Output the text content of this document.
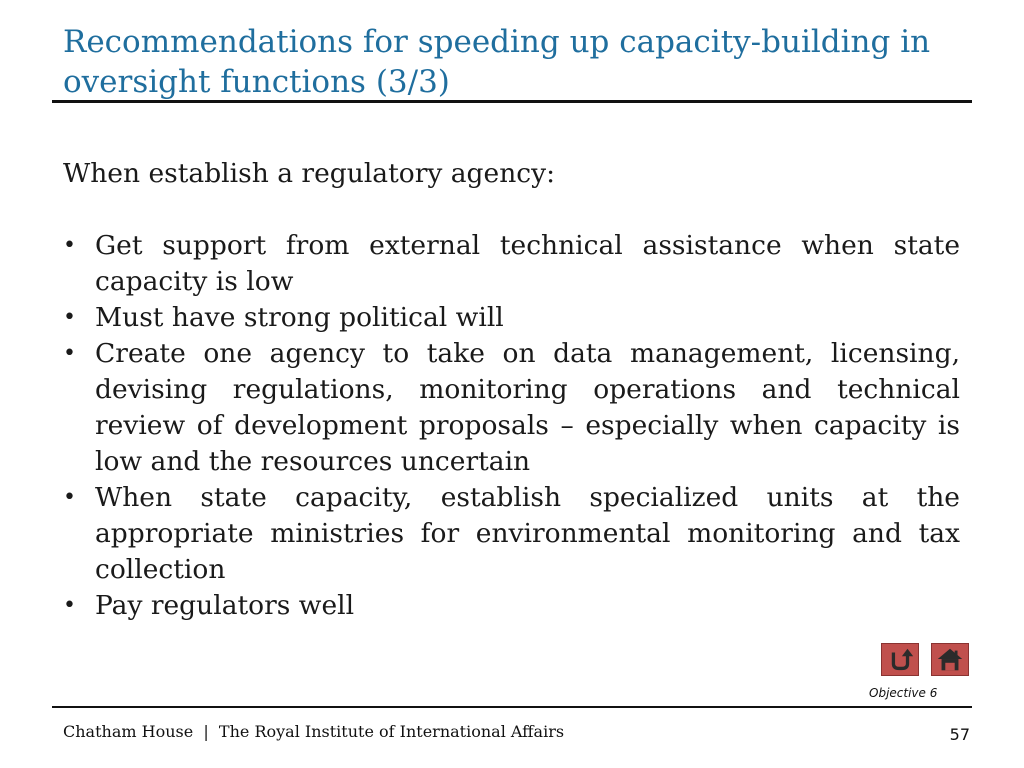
Recommendations for speeding up capacity-building in oversight functions (3/3)

When establish a regulatory agency:

• Get support from external technical assistance when state capacity is low
• Must have strong political will
• Create one agency to take on data management, licensing, devising regulations, monitoring operations and technical review of development proposals – especially when capacity is low and the resources uncertain
• When state capacity, establish specialized units at the appropriate ministries for environmental monitoring and tax collection
• Pay regulators well
Objective 6
Chatham House  |  The Royal Institute of International Affairs	57
